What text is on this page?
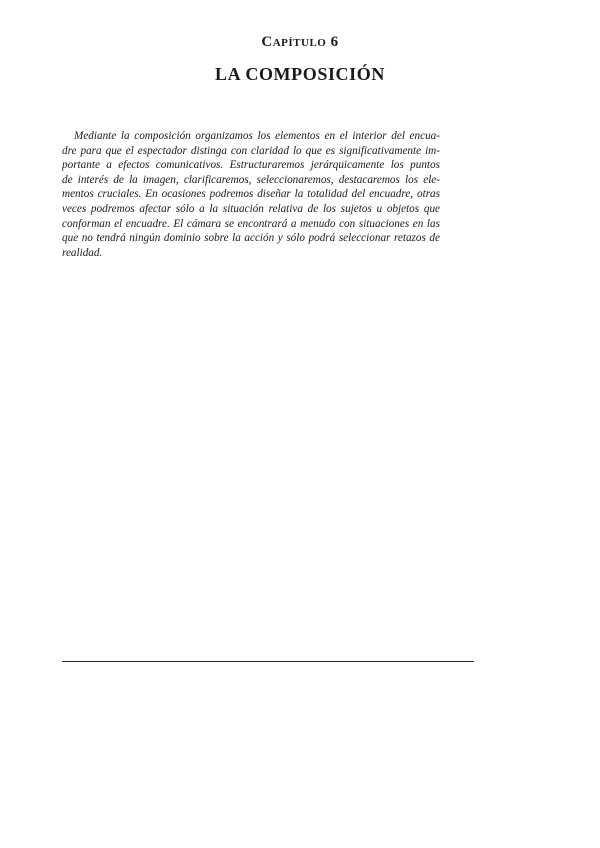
Capítulo 6
LA COMPOSICIÓN

Mediante la composición organizamos los elementos en el interior del encua-
dre para que el espectador distinga con claridad lo que es significativamente im-
portante a efectos comunicativos. Estructuraremos jerárquicamente los puntos
de interés de la imagen, clarificaremos, seleccionaremos, destacaremos los ele-
mentos cruciales. En ocasiones podremos diseñar la totalidad del encuadre, otras
veces podremos afectar sólo a la situación relativa de los sujetos u objetos que
conforman el encuadre. El cámara se encontrará a menudo con situaciones en las
que no tendrá ningún dominio sobre la acción y sólo podrá seleccionar retazos de
realidad.
